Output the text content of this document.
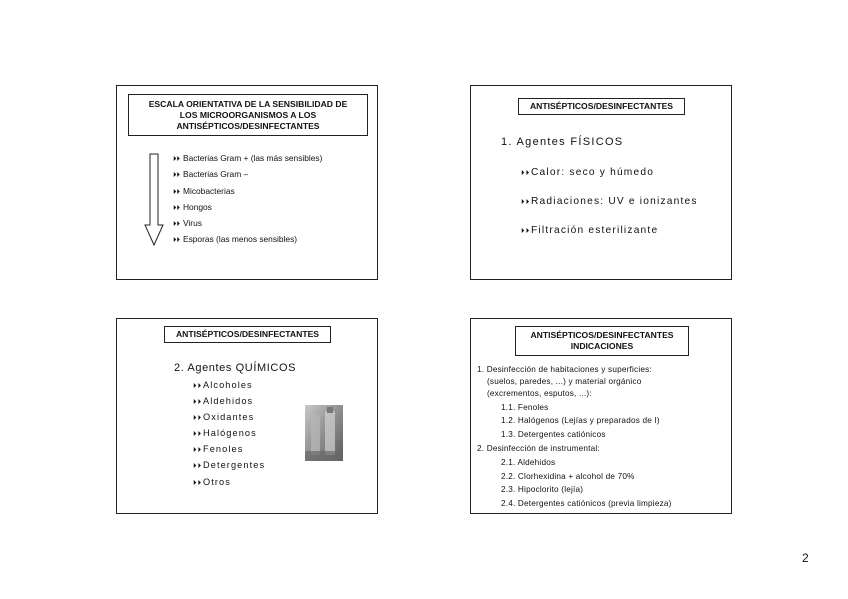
ESCALA ORIENTATIVA DE LA SENSIBILIDAD DE
LOS MICROORGANISMOS A LOS
ANTISÉPTICOS/DESINFECTANTES
⏵⏵ Bacterias Gram + (las más sensibles)
⏵⏵ Bacterias Gram –
⏵⏵ Micobacterias
⏵⏵ Hongos
⏵⏵ Virus
⏵⏵ Esporas (las menos sensibles)
ANTISÉPTICOS/DESINFECTANTES
1. Agentes FÍSICOS
⏵⏵Calor: seco y húmedo
⏵⏵Radiaciones: UV e ionizantes
⏵⏵Filtración esterilizante
ANTISÉPTICOS/DESINFECTANTES
2. Agentes QUÍMICOS
⏵⏵Alcoholes
⏵⏵Aldehidos
⏵⏵Oxidantes
⏵⏵Halógenos
⏵⏵Fenoles
⏵⏵Detergentes
⏵⏵Otros
ANTISÉPTICOS/DESINFECTANTES
INDICACIONES
1. Desinfección de habitaciones y superficies:
(suelos, paredes, ...) y material orgánico
(excrementos, esputos, ...):
1.1. Fenoles
1.2. Halógenos (Lejías y preparados de I)
1.3. Detergentes catiónicos
2. Desinfección de instrumental:
2.1. Aldehidos
2.2. Clorhexidina + alcohol de 70%
2.3. Hipoclorito (lejía)
2.4. Detergentes catiónicos (previa limpieza)
2
